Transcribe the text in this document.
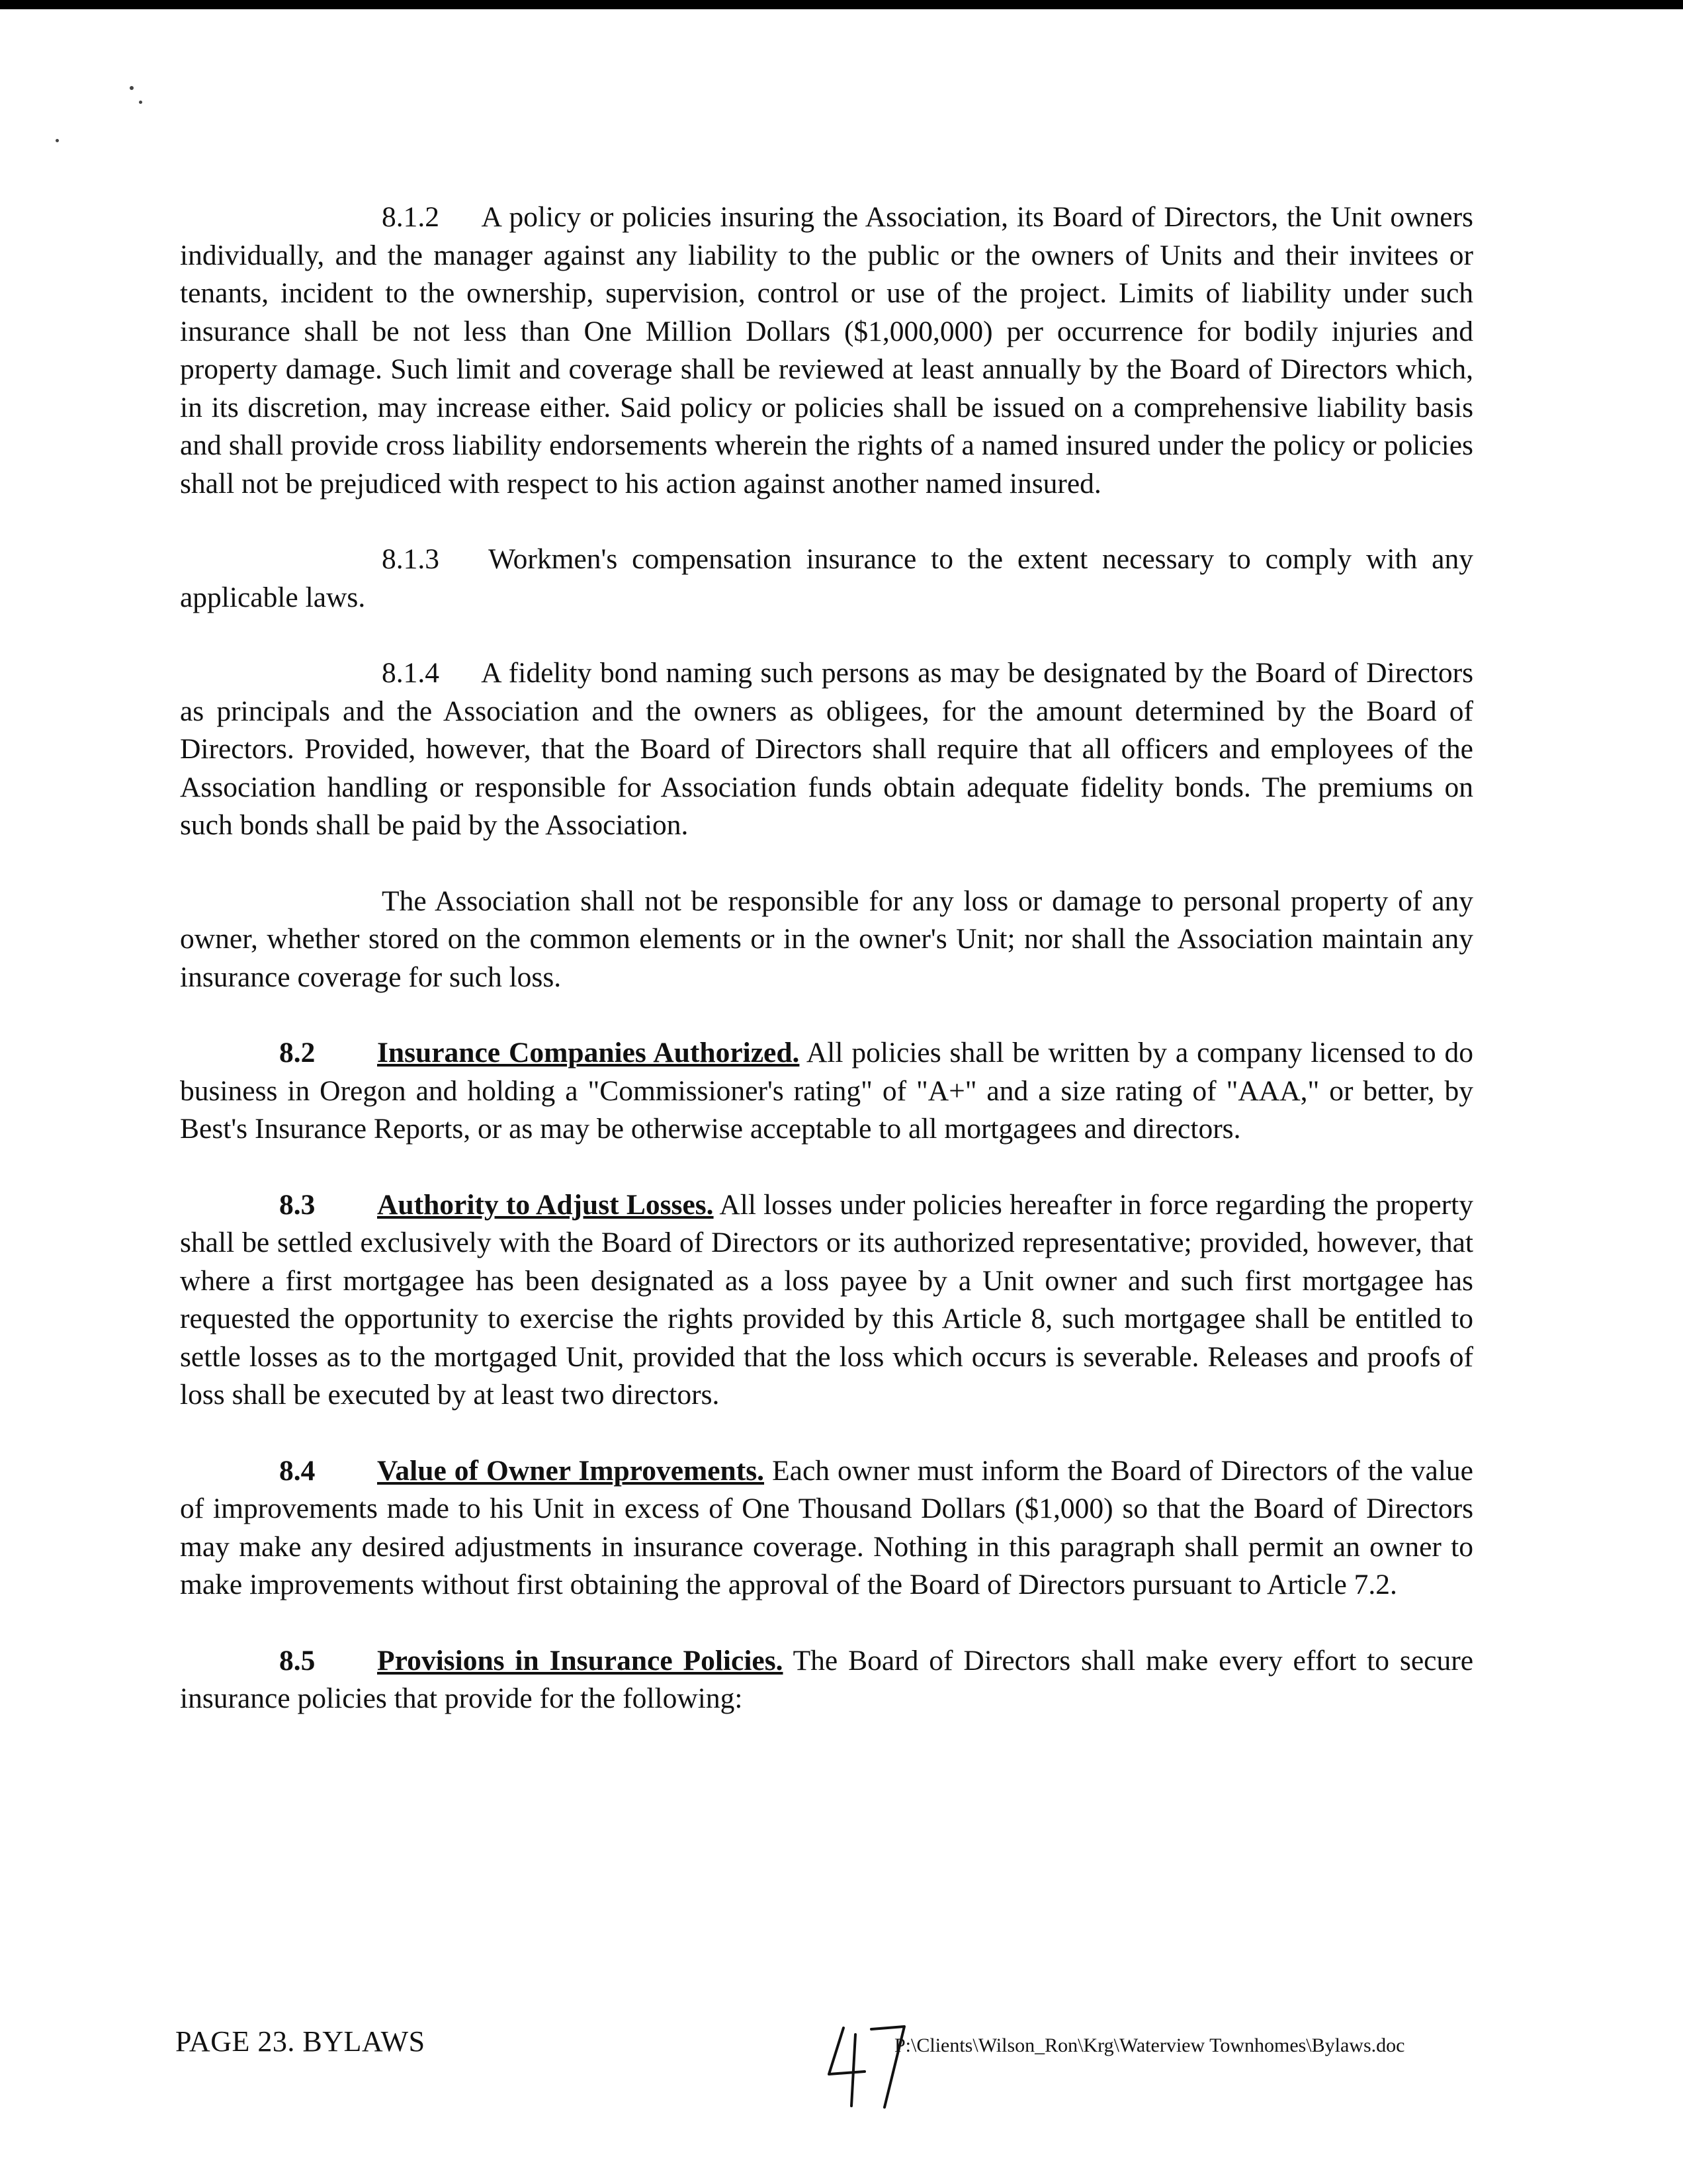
8.1.2 A policy or policies insuring the Association, its Board of Directors, the Unit owners individually, and the manager against any liability to the public or the owners of Units and their invitees or tenants, incident to the ownership, supervision, control or use of the project. Limits of liability under such insurance shall be not less than One Million Dollars ($1,000,000) per occurrence for bodily injuries and property damage. Such limit and coverage shall be reviewed at least annually by the Board of Directors which, in its discretion, may increase either. Said policy or policies shall be issued on a comprehensive liability basis and shall provide cross liability endorsements wherein the rights of a named insured under the policy or policies shall not be prejudiced with respect to his action against another named insured.

8.1.3 Workmen's compensation insurance to the extent necessary to comply with any applicable laws.

8.1.4 A fidelity bond naming such persons as may be designated by the Board of Directors as principals and the Association and the owners as obligees, for the amount determined by the Board of Directors. Provided, however, that the Board of Directors shall require that all officers and employees of the Association handling or responsible for Association funds obtain adequate fidelity bonds. The premiums on such bonds shall be paid by the Association.

The Association shall not be responsible for any loss or damage to personal property of any owner, whether stored on the common elements or in the owner's Unit; nor shall the Association maintain any insurance coverage for such loss.

8.2 Insurance Companies Authorized. All policies shall be written by a company licensed to do business in Oregon and holding a "Commissioner's rating" of "A+" and a size rating of "AAA," or better, by Best's Insurance Reports, or as may be otherwise acceptable to all mortgagees and directors.

8.3 Authority to Adjust Losses. All losses under policies hereafter in force regarding the property shall be settled exclusively with the Board of Directors or its authorized representative; provided, however, that where a first mortgagee has been designated as a loss payee by a Unit owner and such first mortgagee has requested the opportunity to exercise the rights provided by this Article 8, such mortgagee shall be entitled to settle losses as to the mortgaged Unit, provided that the loss which occurs is severable. Releases and proofs of loss shall be executed by at least two directors.

8.4 Value of Owner Improvements. Each owner must inform the Board of Directors of the value of improvements made to his Unit in excess of One Thousand Dollars ($1,000) so that the Board of Directors may make any desired adjustments in insurance coverage. Nothing in this paragraph shall permit an owner to make improvements without first obtaining the approval of the Board of Directors pursuant to Article 7.2.

8.5 Provisions in Insurance Policies. The Board of Directors shall make every effort to secure insurance policies that provide for the following:

PAGE 23. BYLAWS	P:\Clients\Wilson_Ron\Krg\Waterview Townhomes\Bylaws.doc
